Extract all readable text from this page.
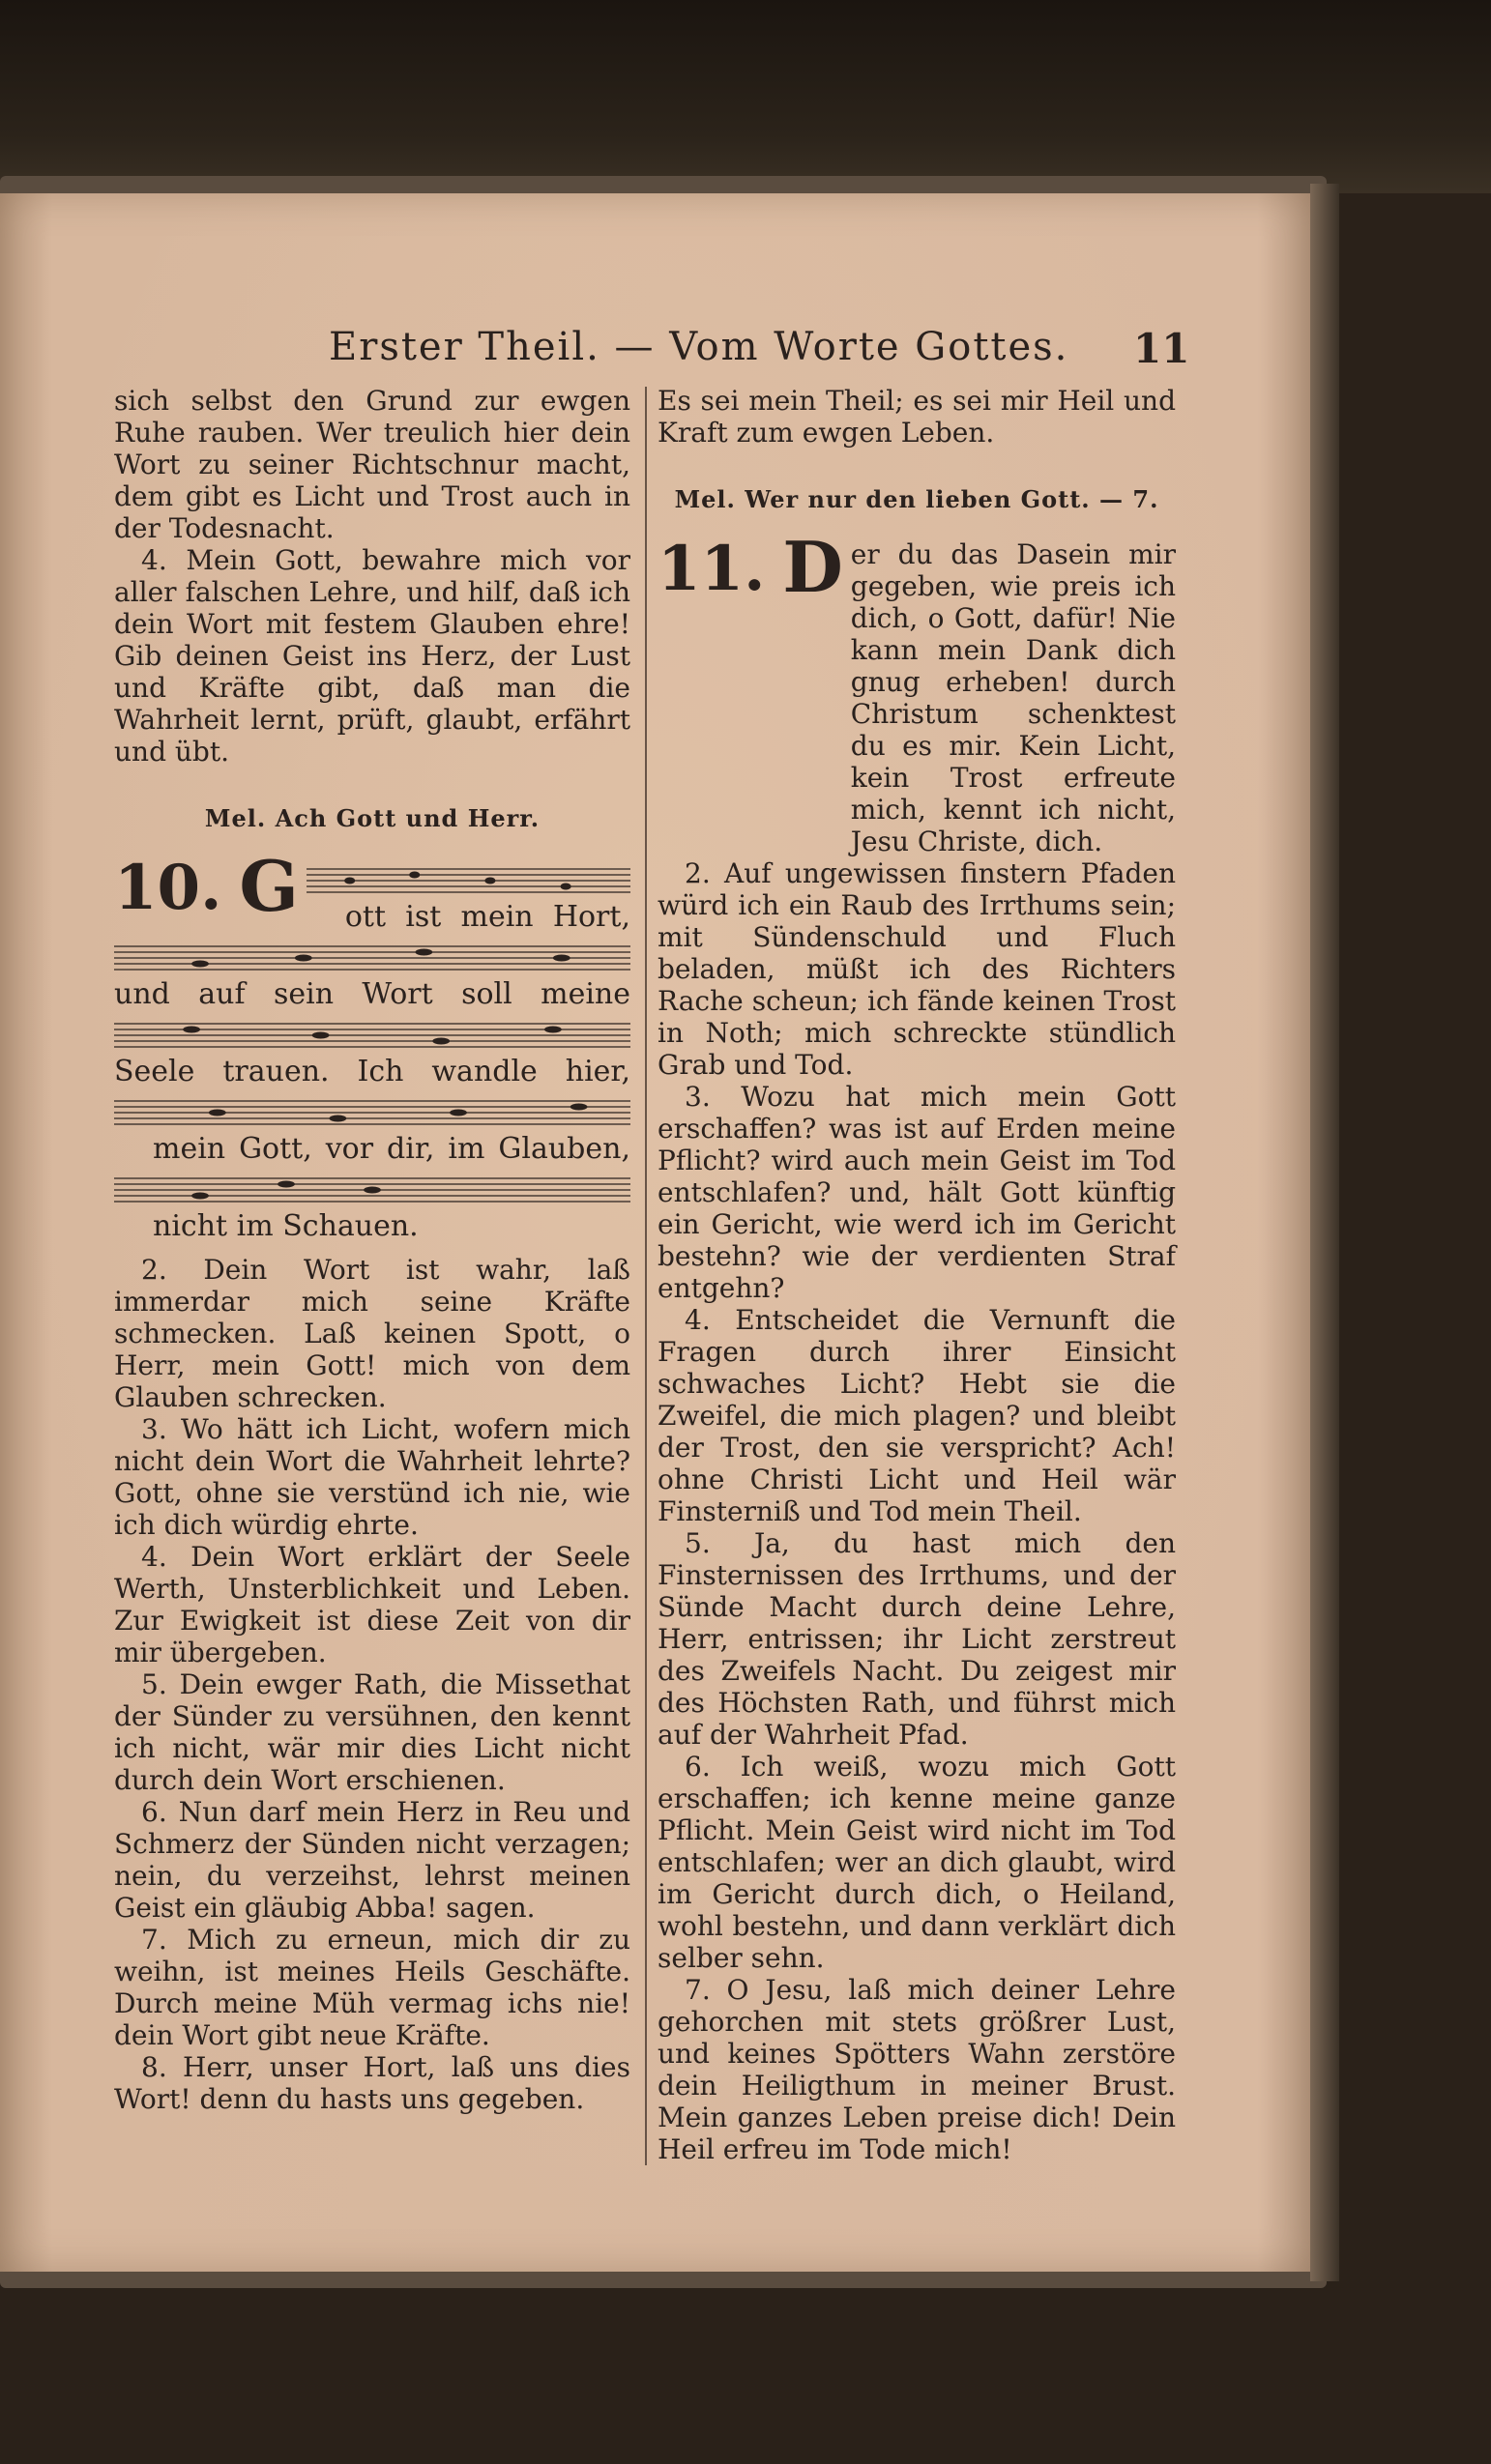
Erster Theil. — Vom Worte Gottes.	11

sich selbst den Grund zur ewgen Ruhe rauben. Wer treulich hier dein Wort zu seiner Richtschnur macht, dem gibt es Licht und Trost auch in der Todesnacht.

4. Mein Gott, bewahre mich vor aller falschen Lehre, und hilf, daß ich dein Wort mit festem Glauben ehre! Gib deinen Geist ins Herz, der Lust und Kräfte gibt, daß man die Wahrheit lernt, prüft, glaubt, erfährt und übt.

Mel. Ach Gott und Herr.
10. G	ott ist mein Hort,
und auf sein Wort soll meine
Seele trauen. Ich wandle hier,
mein Gott, vor dir, im Glauben,
nicht im Schauen.

2. Dein Wort ist wahr, laß immerdar mich seine Kräfte schmecken. Laß keinen Spott, o Herr, mein Gott! mich von dem Glauben schrecken.

3. Wo hätt ich Licht, wofern mich nicht dein Wort die Wahrheit lehrte? Gott, ohne sie verstünd ich nie, wie ich dich würdig ehrte.

4. Dein Wort erklärt der Seele Werth, Unsterblichkeit und Leben. Zur Ewigkeit ist diese Zeit von dir mir übergeben.

5. Dein ewger Rath, die Missethat der Sünder zu versühnen, den kennt ich nicht, wär mir dies Licht nicht durch dein Wort erschienen.

6. Nun darf mein Herz in Reu und Schmerz der Sünden nicht verzagen; nein, du verzeihst, lehrst meinen Geist ein gläubig Abba! sagen.

7. Mich zu erneun, mich dir zu weihn, ist meines Heils Geschäfte. Durch meine Müh vermag ichs nie! dein Wort gibt neue Kräfte.

8. Herr, unser Hort, laß uns dies Wort! denn du hasts uns gegeben.

Es sei mein Theil; es sei mir Heil und Kraft zum ewgen Leben.

Mel. Wer nur den lieben Gott. — 7.
11. D er du das Dasein mir gegeben, wie preis ich dich, o Gott, dafür! Nie kann mein Dank dich gnug erheben! durch Christum schenktest du es mir. Kein Licht, kein Trost erfreute mich, kennt ich nicht, Jesu Christe, dich.

2. Auf ungewissen finstern Pfaden würd ich ein Raub des Irrthums sein; mit Sündenschuld und Fluch beladen, müßt ich des Richters Rache scheun; ich fände keinen Trost in Noth; mich schreckte stündlich Grab und Tod.

3. Wozu hat mich mein Gott erschaffen? was ist auf Erden meine Pflicht? wird auch mein Geist im Tod entschlafen? und, hält Gott künftig ein Gericht, wie werd ich im Gericht bestehn? wie der verdienten Straf entgehn?

4. Entscheidet die Vernunft die Fragen durch ihrer Einsicht schwaches Licht? Hebt sie die Zweifel, die mich plagen? und bleibt der Trost, den sie verspricht? Ach! ohne Christi Licht und Heil wär Finsterniß und Tod mein Theil.

5. Ja, du hast mich den Finsternissen des Irrthums, und der Sünde Macht durch deine Lehre, Herr, entrissen; ihr Licht zerstreut des Zweifels Nacht. Du zeigest mir des Höchsten Rath, und führst mich auf der Wahrheit Pfad.

6. Ich weiß, wozu mich Gott erschaffen; ich kenne meine ganze Pflicht. Mein Geist wird nicht im Tod entschlafen; wer an dich glaubt, wird im Gericht durch dich, o Heiland, wohl bestehn, und dann verklärt dich selber sehn.

7. O Jesu, laß mich deiner Lehre gehorchen mit stets größrer Lust, und keines Spötters Wahn zerstöre dein Heiligthum in meiner Brust. Mein ganzes Leben preise dich! Dein Heil erfreu im Tode mich!
